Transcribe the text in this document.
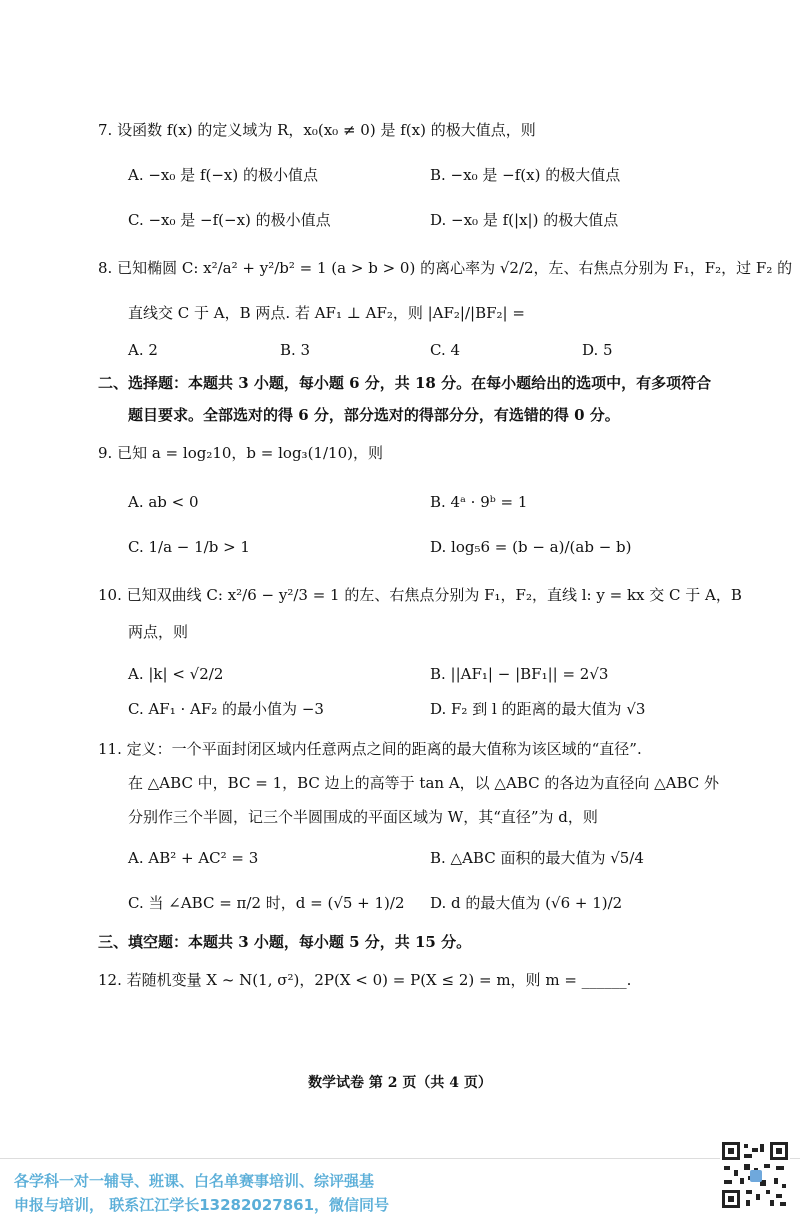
7. 设函数 f(x) 的定义域为 R，x₀(x₀ ≠ 0) 是 f(x) 的极大值点，则
A. −x₀ 是 f(−x) 的极小值点	B. −x₀ 是 −f(x) 的极大值点
C. −x₀ 是 −f(−x) 的极小值点	D. −x₀ 是 f(|x|) 的极大值点
8. 已知椭圆 C: x²/a² + y²/b² = 1 (a > b > 0) 的离心率为 √2/2，左、右焦点分别为 F₁，F₂，过 F₂ 的
直线交 C 于 A，B 两点. 若 AF₁ ⊥ AF₂，则 |AF₂|/|BF₂| =
A. 2	B. 3	C. 4	D. 5
二、选择题：本题共 3 小题，每小题 6 分，共 18 分。在每小题给出的选项中，有多项符合
题目要求。全部选对的得 6 分，部分选对的得部分分，有选错的得 0 分。
9. 已知 a = log₂10，b = log₃(1/10)，则
A. ab < 0	B. 4ᵃ · 9ᵇ = 1
C. 1/a − 1/b > 1	D. log₅6 = (b − a)/(ab − b)
10. 已知双曲线 C: x²/6 − y²/3 = 1 的左、右焦点分别为 F₁，F₂，直线 l: y = kx 交 C 于 A，B
两点，则
A. |k| < √2/2	B. ||AF₁| − |BF₁|| = 2√3
C. AF₁ · AF₂ 的最小值为 −3	D. F₂ 到 l 的距离的最大值为 √3
11. 定义：一个平面封闭区域内任意两点之间的距离的最大值称为该区域的“直径”.
在 △ABC 中，BC = 1，BC 边上的高等于 tan A，以 △ABC 的各边为直径向 △ABC 外
分别作三个半圆，记三个半圆围成的平面区域为 W，其“直径”为 d，则
A. AB² + AC² = 3	B. △ABC 面积的最大值为 √5/4
C. 当 ∠ABC = π/2 时，d = (√5 + 1)/2 D. d 的最大值为 (√6 + 1)/2
三、填空题：本题共 3 小题，每小题 5 分，共 15 分。
12. 若随机变量 X ~ N(1, σ²)，2P(X < 0) = P(X ≤ 2) = m，则 m = ______.
数学试卷 第 2 页（共 4 页）
各学科一对一辅导、班课、白名单赛事培训、综评强基
申报与培训， 联系江江学长13282027861，微信同号
